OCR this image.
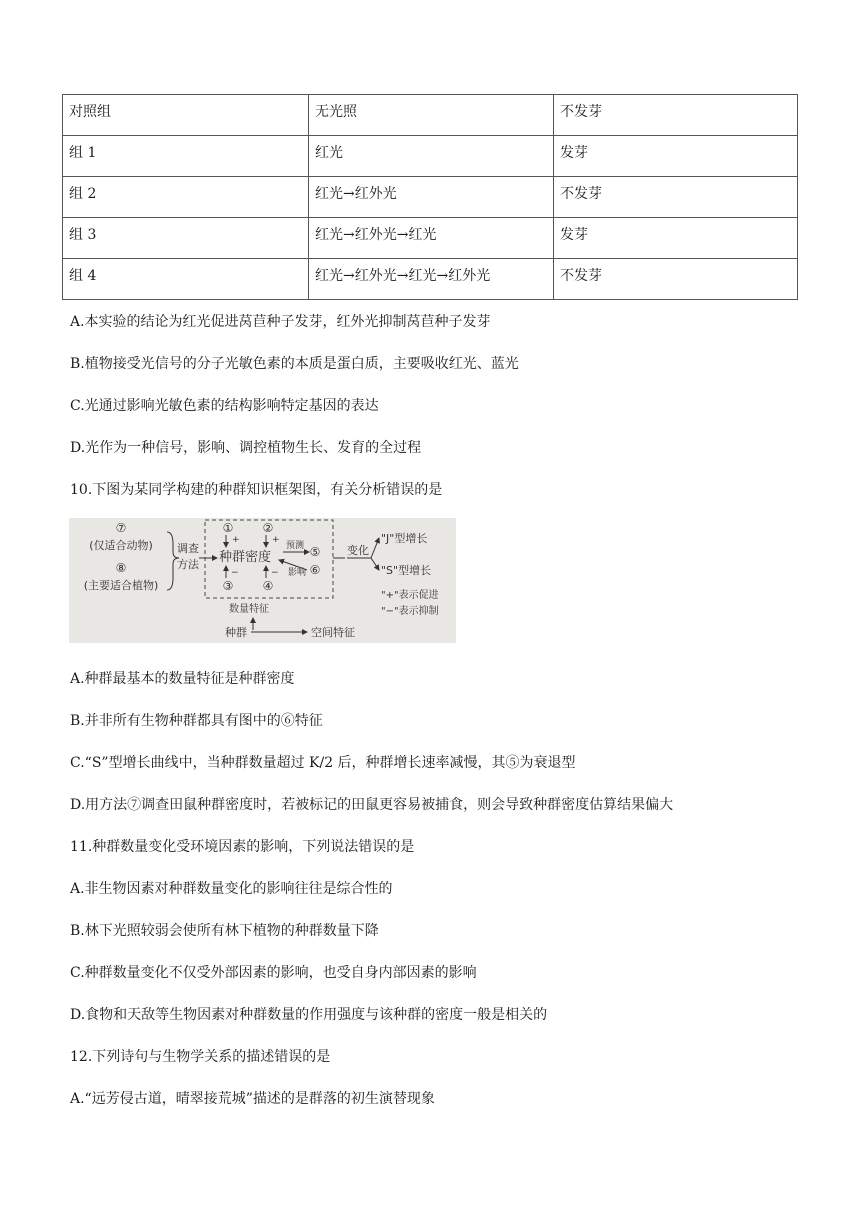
对照组	无光照	不发芽
组 1	红光	发芽
组 2	红光→红外光	不发芽
组 3	红光→红外光→红光	发芽
组 4	红光→红外光→红光→红外光	不发芽
A.本实验的结论为红光促进莴苣种子发芽，红外光抑制莴苣种子发芽
B.植物接受光信号的分子光敏色素的本质是蛋白质，主要吸收红光、蓝光
C.光通过影响光敏色素的结构影响特定基因的表达
D.光作为一种信号，影响、调控植物生长、发育的全过程
10.下图为某同学构建的种群知识框架图，有关分析错误的是
⑦
(仅适合动物)
⑧
(主要适合植物)
调查
方法
① ②
+	+
种群密度
−	−
③ ④
预测 ⑤
影响 ⑥
数量特征
变化
"J"型增长
"S"型增长
"+"表示促进
"−"表示抑制
种群	空间特征
A.种群最基本的数量特征是种群密度
B.并非所有生物种群都具有图中的⑥特征
C.“S”型增长曲线中，当种群数量超过 K/2 后，种群增长速率减慢，其⑤为衰退型
D.用方法⑦调查田鼠种群密度时，若被标记的田鼠更容易被捕食，则会导致种群密度估算结果偏大
11.种群数量变化受环境因素的影响，下列说法错误的是
A.非生物因素对种群数量变化的影响往往是综合性的
B.林下光照较弱会使所有林下植物的种群数量下降
C.种群数量变化不仅受外部因素的影响，也受自身内部因素的影响
D.食物和天敌等生物因素对种群数量的作用强度与该种群的密度一般是相关的
12.下列诗句与生物学关系的描述错误的是
A.“远芳侵古道，晴翠接荒城”描述的是群落的初生演替现象
